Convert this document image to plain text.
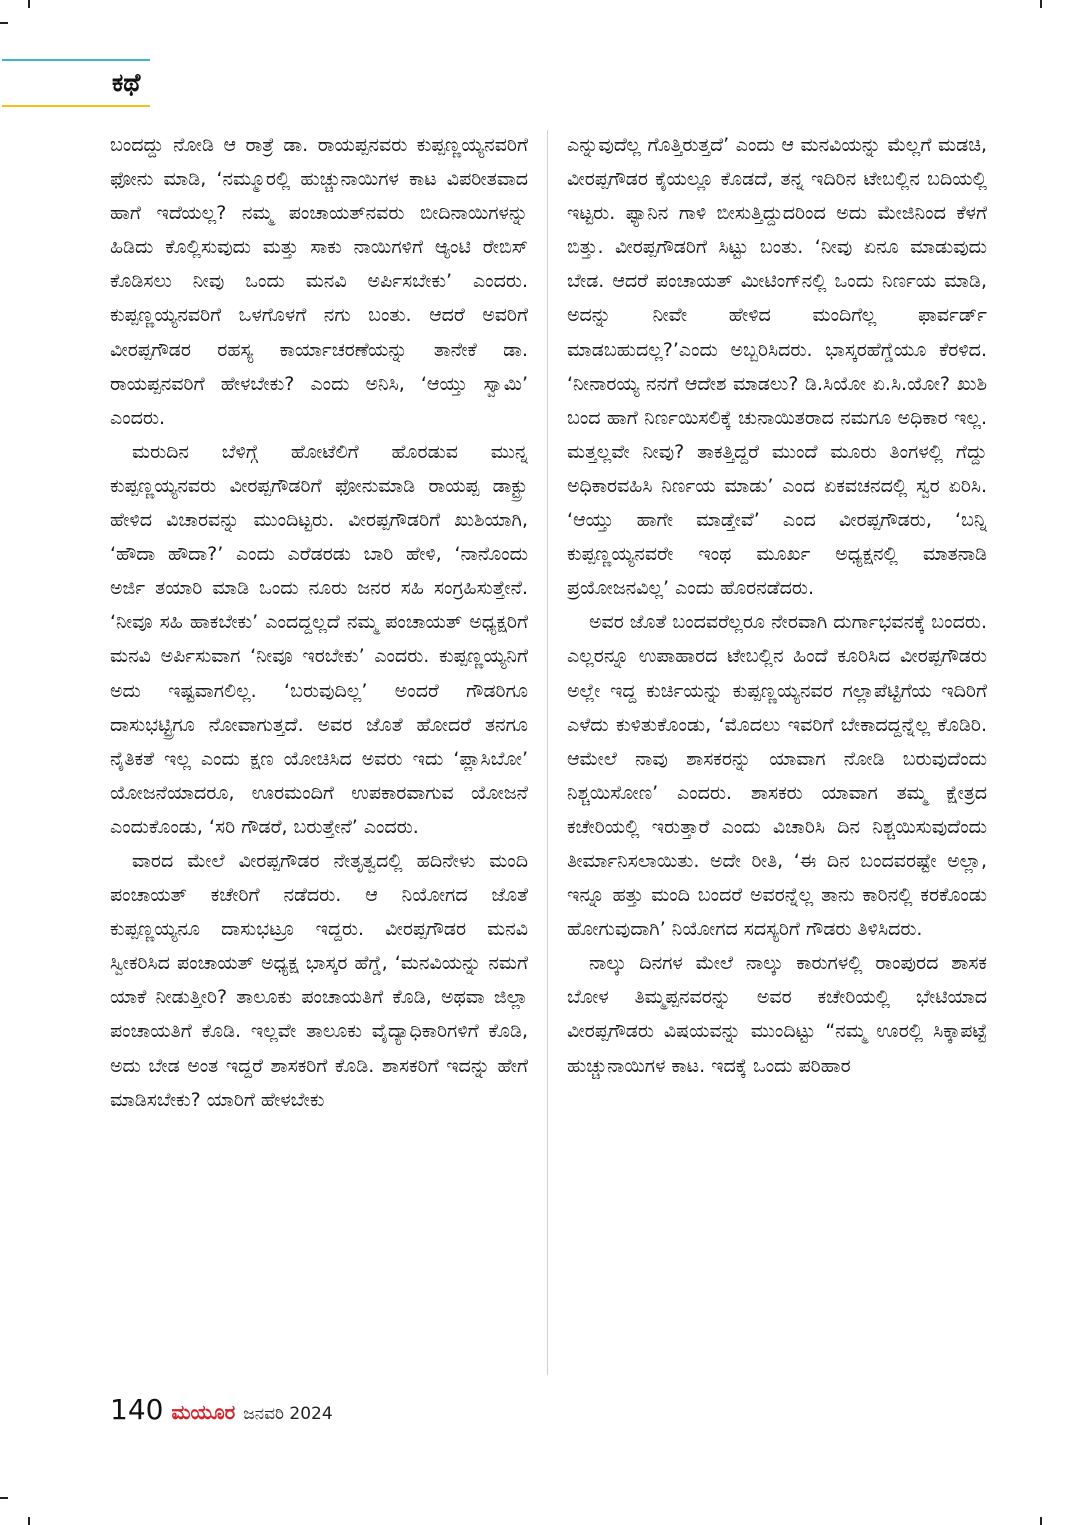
ಕಥೆ

ಬಂದದ್ದು ನೋಡಿ ಆ ರಾತ್ರೆ ಡಾ. ರಾಯಪ್ಪನವರು ಕುಪ್ಪಣ್ಣಯ್ಯನವರಿಗೆ ಫೋನು ಮಾಡಿ, ‘ನಮ್ಮೂರಲ್ಲಿ ಹುಚ್ಚುನಾಯಿಗಳ ಕಾಟ ವಿಪರೀತವಾದ ಹಾಗೆ ಇದೆಯಲ್ಲ? ನಮ್ಮ ಪಂಚಾಯತ್‌ನವರು ಬೀದಿನಾಯಿಗಳನ್ನು ಹಿಡಿದು ಕೊಲ್ಲಿಸುವುದು ಮತ್ತು ಸಾಕು ನಾಯಿಗಳಿಗೆ ಆ್ಯಂಟಿ ರೇಬಿಸ್ ಕೊಡಿಸಲು ನೀವು ಒಂದು ಮನವಿ ಅರ್ಪಿಸಬೇಕು’ ಎಂದರು. ಕುಪ್ಪಣ್ಣಯ್ಯನವರಿಗೆ ಒಳಗೊಳಗೆ ನಗು ಬಂತು. ಆದರೆ ಅವರಿಗೆ ವೀರಪ್ಪಗೌಡರ ರಹಸ್ಯ ಕಾರ್ಯಾಚರಣೆಯನ್ನು ತಾನೇಕೆ ಡಾ. ರಾಯಪ್ಪನವರಿಗೆ ಹೇಳಬೇಕು? ಎಂದು ಅನಿಸಿ, ‘ಆಯ್ತು ಸ್ವಾಮಿ’ ಎಂದರು.

ಮರುದಿನ ಬೆಳಿಗ್ಗೆ ಹೋಟೆಲಿಗೆ ಹೊರಡುವ ಮುನ್ನ ಕುಪ್ಪಣ್ಣಯ್ಯನವರು ವೀರಪ್ಪಗೌಡರಿಗೆ ಫೋನುಮಾಡಿ ರಾಯಪ್ಪ ಡಾಕ್ಟ್ರು ಹೇಳಿದ ವಿಚಾರವನ್ನು ಮುಂದಿಟ್ಟರು. ವೀರಪ್ಪಗೌಡರಿಗೆ ಖುಶಿಯಾಗಿ, ‘ಹೌದಾ ಹೌದಾ?’ ಎಂದು ಎರೆಡರಡು ಬಾರಿ ಹೇಳಿ, ‘ನಾನೊಂದು ಅರ್ಜಿ ತಯಾರಿ ಮಾಡಿ ಒಂದು ನೂರು ಜನರ ಸಹಿ ಸಂಗ್ರಹಿಸುತ್ತೇನೆ. ‘ನೀವೂ ಸಹಿ ಹಾಕಬೇಕು’ ಎಂದದ್ದಲ್ಲದೆ ನಮ್ಮ ಪಂಚಾಯತ್ ಅಧ್ಯಕ್ಷರಿಗೆ ಮನವಿ ಅರ್ಪಿಸುವಾಗ ‘ನೀವೂ ಇರಬೇಕು’ ಎಂದರು. ಕುಪ್ಪಣ್ಣಯ್ಯನಿಗೆ ಅದು ಇಷ್ಟವಾಗಲಿಲ್ಲ. ‘ಬರುವುದಿಲ್ಲ’ ಅಂದರೆ ಗೌಡರಿಗೂ ದಾಸುಭಟ್ಟ್ರಿಗೂ ನೋವಾಗುತ್ತದೆ. ಅವರ ಜೊತೆ ಹೋದರೆ ತನಗೂ ನೈತಿಕತೆ ಇಲ್ಲ ಎಂದು ಕ್ಷಣ ಯೋಚಿಸಿದ ಅವರು ಇದು ‘ಪ್ಲಾಸಿಬೋ’ ಯೋಜನೆಯಾದರೂ, ಊರಮಂದಿಗೆ ಉಪಕಾರವಾಗುವ ಯೋಜನೆ ಎಂದುಕೊಂಡು, ‘ಸರಿ ಗೌಡರೆ, ಬರುತ್ತೇನೆ’ ಎಂದರು.

ವಾರದ ಮೇಲೆ ವೀರಪ್ಪಗೌಡರ ನೇತೃತ್ವದಲ್ಲಿ ಹದಿನೇಳು ಮಂದಿ ಪಂಚಾಯತ್ ಕಚೇರಿಗೆ ನಡೆದರು. ಆ ನಿಯೋಗದ ಜೊತೆ ಕುಪ್ಪಣ್ಣಯ್ಯನೂ ದಾಸುಭಟ್ರೂ ಇದ್ದರು. ವೀರಪ್ಪಗೌಡರ ಮನವಿ ಸ್ವೀಕರಿಸಿದ ಪಂಚಾಯತ್ ಅಧ್ಯಕ್ಷ ಭಾಸ್ಕರ ಹೆಗ್ಡೆ, ‘ಮನವಿಯನ್ನು ನಮಗೆ ಯಾಕೆ ನೀಡುತ್ತೀರಿ? ತಾಲೂಕು ಪಂಚಾಯತಿಗೆ ಕೊಡಿ, ಅಥವಾ ಜಿಲ್ಲಾ ಪಂಚಾಯತಿಗೆ ಕೊಡಿ. ಇಲ್ಲವೇ ತಾಲೂಕು ವೈದ್ಯಾಧಿಕಾರಿಗಳಿಗೆ ಕೊಡಿ, ಅದು ಬೇಡ ಅಂತ ಇದ್ದರೆ ಶಾಸಕರಿಗೆ ಕೊಡಿ. ಶಾಸಕರಿಗೆ ಇದನ್ನು ಹೇಗೆ ಮಾಡಿಸಬೇಕು? ಯಾರಿಗೆ ಹೇಳಬೇಕು

ಎನ್ನುವುದೆಲ್ಲ ಗೊತ್ತಿರುತ್ತದೆ’ ಎಂದು ಆ ಮನವಿಯನ್ನು ಮೆಲ್ಲಗೆ ಮಡಚಿ, ವೀರಪ್ಪಗೌಡರ ಕೈಯಲ್ಲೂ ಕೊಡದೆ, ತನ್ನ ಇದಿರಿನ ಟೇಬಲ್ಲಿನ ಬದಿಯಲ್ಲಿ ಇಟ್ಟರು. ಫ್ಯಾನಿನ ಗಾಳಿ ಬೀಸುತ್ತಿದ್ದುದರಿಂದ ಅದು ಮೇಜಿನಿಂದ ಕೆಳಗೆ ಬಿತ್ತು. ವೀರಪ್ಪಗೌಡರಿಗೆ ಸಿಟ್ಟು ಬಂತು. ‘ನೀವು ಏನೂ ಮಾಡುವುದು ಬೇಡ. ಆದರೆ ಪಂಚಾಯತ್ ಮೀಟಿಂಗ್‌ನಲ್ಲಿ ಒಂದು ನಿರ್ಣಯ ಮಾಡಿ, ಅದನ್ನು ನೀವೇ ಹೇಳಿದ ಮಂದಿಗೆಲ್ಲ ಫಾರ್ವರ್ಡ್ ಮಾಡಬಹುದಲ್ಲ?’ಎಂದು ಅಬ್ಬರಿಸಿದರು. ಭಾಸ್ಕರಹೆಗ್ಡೆಯೂ ಕೆರಳಿದ. ‘ನೀನಾರಯ್ಯ ನನಗೆ ಆದೇಶ ಮಾಡಲು? ಡಿ.ಸಿಯೋ ಏ.ಸಿ.ಯೋ? ಖುಶಿ ಬಂದ ಹಾಗೆ ನಿರ್ಣಯಿಸಲಿಕ್ಕೆ ಚುನಾಯಿತರಾದ ನಮಗೂ ಅಧಿಕಾರ ಇಲ್ಲ. ಮತ್ತಲ್ಲವೇ ನೀವು? ತಾಕತ್ತಿದ್ದರೆ ಮುಂದೆ ಮೂರು ತಿಂಗಳಲ್ಲಿ ಗೆದ್ದು ಅಧಿಕಾರವಹಿಸಿ ನಿರ್ಣಯ ಮಾಡು’ ಎಂದ ಏಕವಚನದಲ್ಲಿ ಸ್ವರ ಏರಿಸಿ. ‘ಆಯ್ತು ಹಾಗೇ ಮಾಡ್ತೇವೆ’ ಎಂದ ವೀರಪ್ಪಗೌಡರು, ‘ಬನ್ನಿ ಕುಪ್ಪಣ್ಣಯ್ಯನವರೇ ಇಂಥ ಮೂರ್ಖ ಅಧ್ಯಕ್ಷನಲ್ಲಿ ಮಾತನಾಡಿ ಪ್ರಯೋಜನವಿಲ್ಲ’ ಎಂದು ಹೊರನಡೆದರು.

ಅವರ ಜೊತೆ ಬಂದವರೆಲ್ಲರೂ ನೇರವಾಗಿ ದುರ್ಗಾಭವನಕ್ಕೆ ಬಂದರು. ಎಲ್ಲರನ್ನೂ ಉಪಾಹಾರದ ಟೇಬಲ್ಲಿನ ಹಿಂದೆ ಕೂರಿಸಿದ ವೀರಪ್ಪಗೌಡರು ಅಲ್ಲೇ ಇದ್ದ ಕುರ್ಚಿಯನ್ನು ಕುಪ್ಪಣ್ಣಯ್ಯನವರ ಗಲ್ಲಾಪೆಟ್ಟಿಗೆಯ ಇದಿರಿಗೆ ಎಳೆದು ಕುಳಿತುಕೊಂಡು, ‘ಮೊದಲು ಇವರಿಗೆ ಬೇಕಾದದ್ದನ್ನೆಲ್ಲ ಕೊಡಿರಿ. ಆಮೇಲೆ ನಾವು ಶಾಸಕರನ್ನು ಯಾವಾಗ ನೋಡಿ ಬರುವುದೆಂದು ನಿಶ್ಚಯಿಸೋಣ’ ಎಂದರು. ಶಾಸಕರು ಯಾವಾಗ ತಮ್ಮ ಕ್ಷೇತ್ರದ ಕಚೇರಿಯಲ್ಲಿ ಇರುತ್ತಾರೆ ಎಂದು ವಿಚಾರಿಸಿ ದಿನ ನಿಶ್ಚಯಿಸುವುದೆಂದು ತೀರ್ಮಾನಿಸಲಾಯಿತು. ಅದೇ ರೀತಿ, ‘ಈ ದಿನ ಬಂದವರಷ್ಟೇ ಅಲ್ಲಾ, ಇನ್ನೂ ಹತ್ತು ಮಂದಿ ಬಂದರೆ ಅವರನ್ನೆಲ್ಲ ತಾನು ಕಾರಿನಲ್ಲಿ ಕರಕೊಂಡು ಹೋಗುವುದಾಗಿ’ ನಿಯೋಗದ ಸದಸ್ಯರಿಗೆ ಗೌಡರು ತಿಳಿಸಿದರು.

ನಾಲ್ಕು ದಿನಗಳ ಮೇಲೆ ನಾಲ್ಕು ಕಾರುಗಳಲ್ಲಿ ರಾಂಪುರದ ಶಾಸಕ ಬೋಳ ತಿಮ್ಮಪ್ಪನವರನ್ನು ಅವರ ಕಚೇರಿಯಲ್ಲಿ ಭೇಟಿಯಾದ ವೀರಪ್ಪಗೌಡರು ವಿಷಯವನ್ನು ಮುಂದಿಟ್ಟು “ನಮ್ಮ ಊರಲ್ಲಿ ಸಿಕ್ಕಾಪಟ್ಟೆ ಹುಚ್ಚುನಾಯಿಗಳ ಕಾಟ. ಇದಕ್ಕೆ ಒಂದು ಪರಿಹಾರ

140 ಮಯೂರ ಜನವರಿ 2024
